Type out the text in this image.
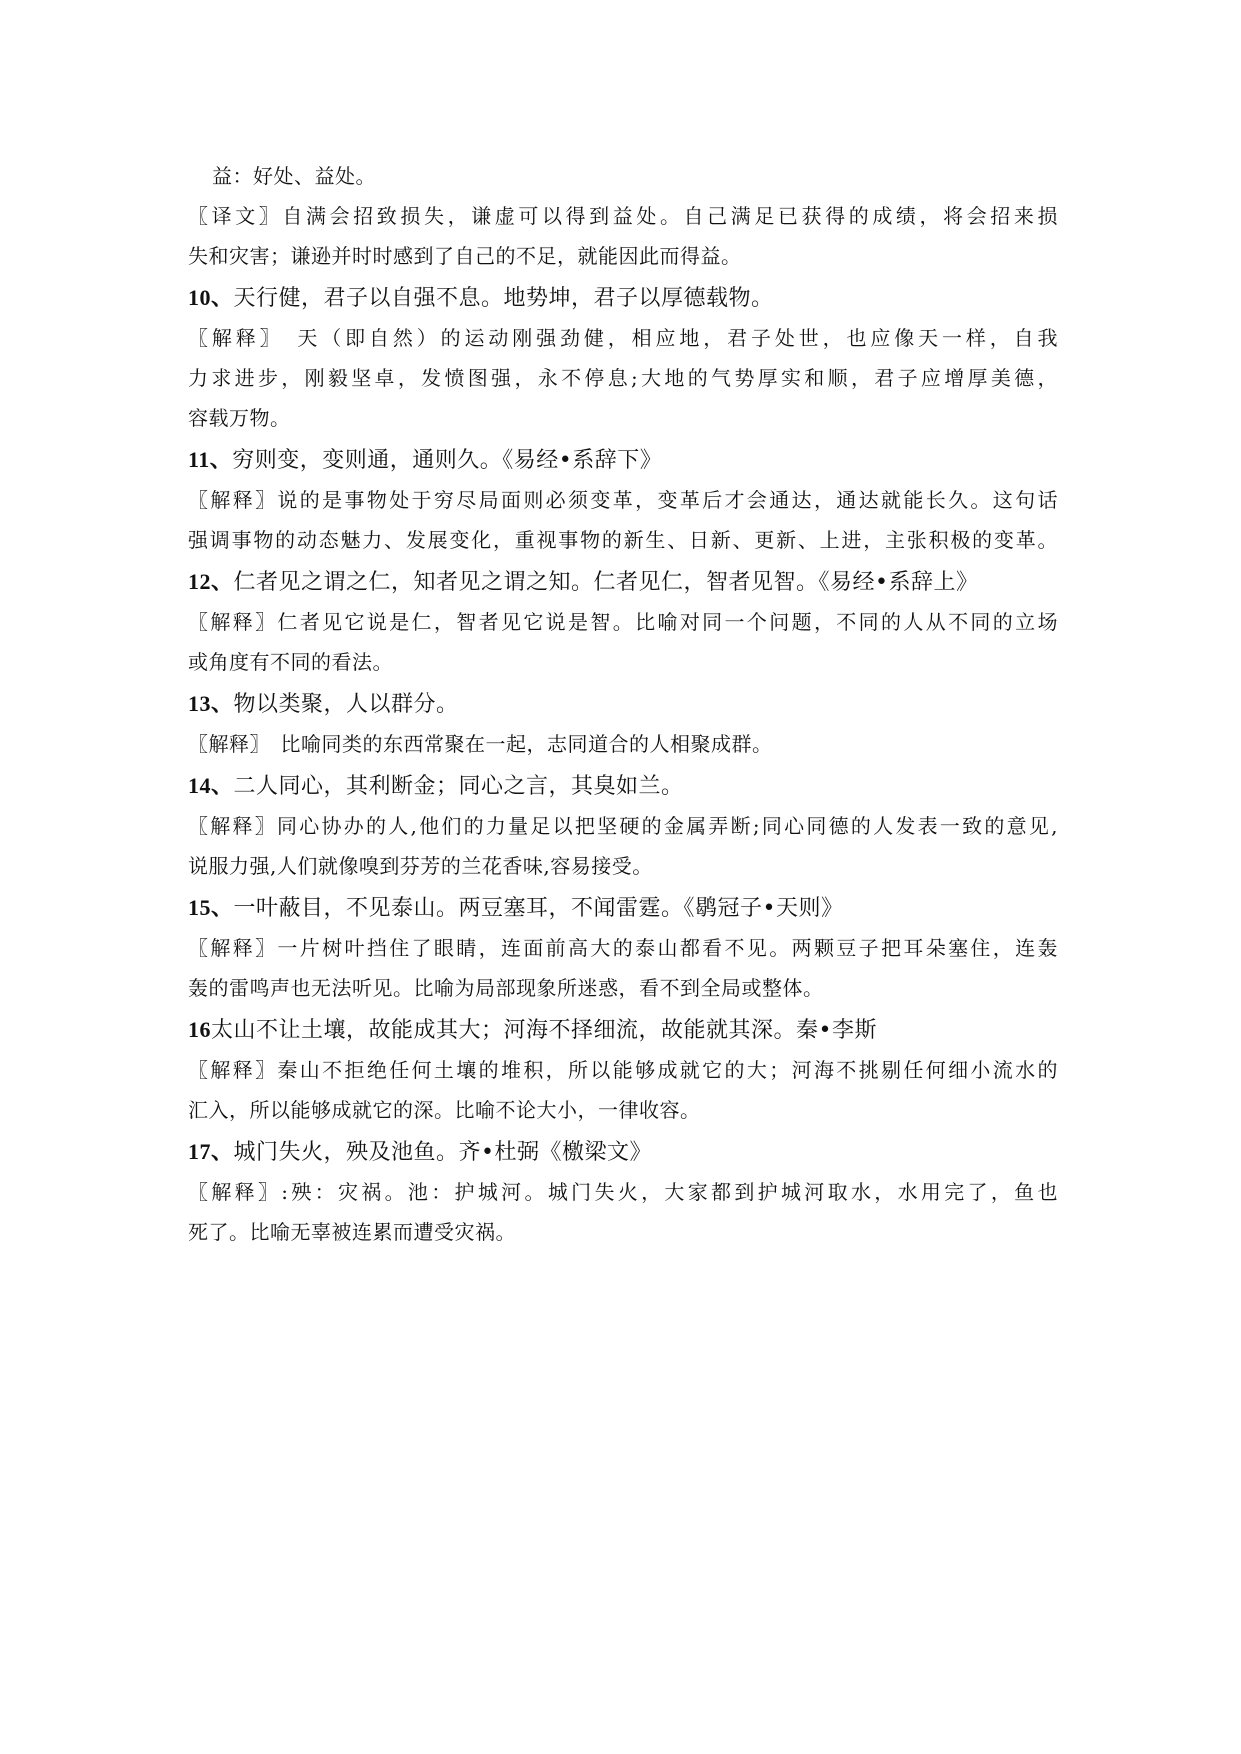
益：好处、益处。
〖译文〗自满会招致损失，谦虚可以得到益处。自己满足已获得的成绩，将会招来损
失和灾害；谦逊并时时感到了自己的不足，就能因此而得益。
10、天行健，君子以自强不息。地势坤，君子以厚德载物。
〖解释〗　天（即自然）的运动刚强劲健，相应地，君子处世，也应像天一样，自我
力求进步，刚毅坚卓，发愤图强，永不停息;大地的气势厚实和顺，君子应增厚美德，
容载万物。
11、穷则变，变则通，通则久。《易经•系辞下》
〖解释〗说的是事物处于穷尽局面则必须变革，变革后才会通达，通达就能长久。这句话
强调事物的动态魅力、发展变化，重视事物的新生、日新、更新、上进，主张积极的变革。
12、仁者见之谓之仁，知者见之谓之知。仁者见仁，智者见智。《易经•系辞上》
〖解释〗仁者见它说是仁，智者见它说是智。比喻对同一个问题，不同的人从不同的立场
或角度有不同的看法。
13、物以类聚，人以群分。
〖解释〗　比喻同类的东西常聚在一起，志同道合的人相聚成群。
14、二人同心，其利断金；同心之言，其臭如兰。
〖解释〗同心协办的人,他们的力量足以把坚硬的金属弄断;同心同德的人发表一致的意见,
说服力强,人们就像嗅到芬芳的兰花香味,容易接受。
15、一叶蔽目，不见泰山。两豆塞耳，不闻雷霆。《鹖冠子•天则》
〖解释〗一片树叶挡住了眼睛，连面前高大的泰山都看不见。两颗豆子把耳朵塞住，连轰
轰的雷鸣声也无法听见。比喻为局部现象所迷惑，看不到全局或整体。
16太山不让土壤，故能成其大；河海不择细流，故能就其深。秦•李斯
〖解释〗秦山不拒绝任何土壤的堆积，所以能够成就它的大；河海不挑剔任何细小流水的
汇入，所以能够成就它的深。比喻不论大小，一律收容。
17、城门失火，殃及池鱼。齐•杜弼《檄梁文》
〖解释〗:殃：灾祸。池：护城河。城门失火，大家都到护城河取水，水用完了，鱼也
死了。比喻无辜被连累而遭受灾祸。
